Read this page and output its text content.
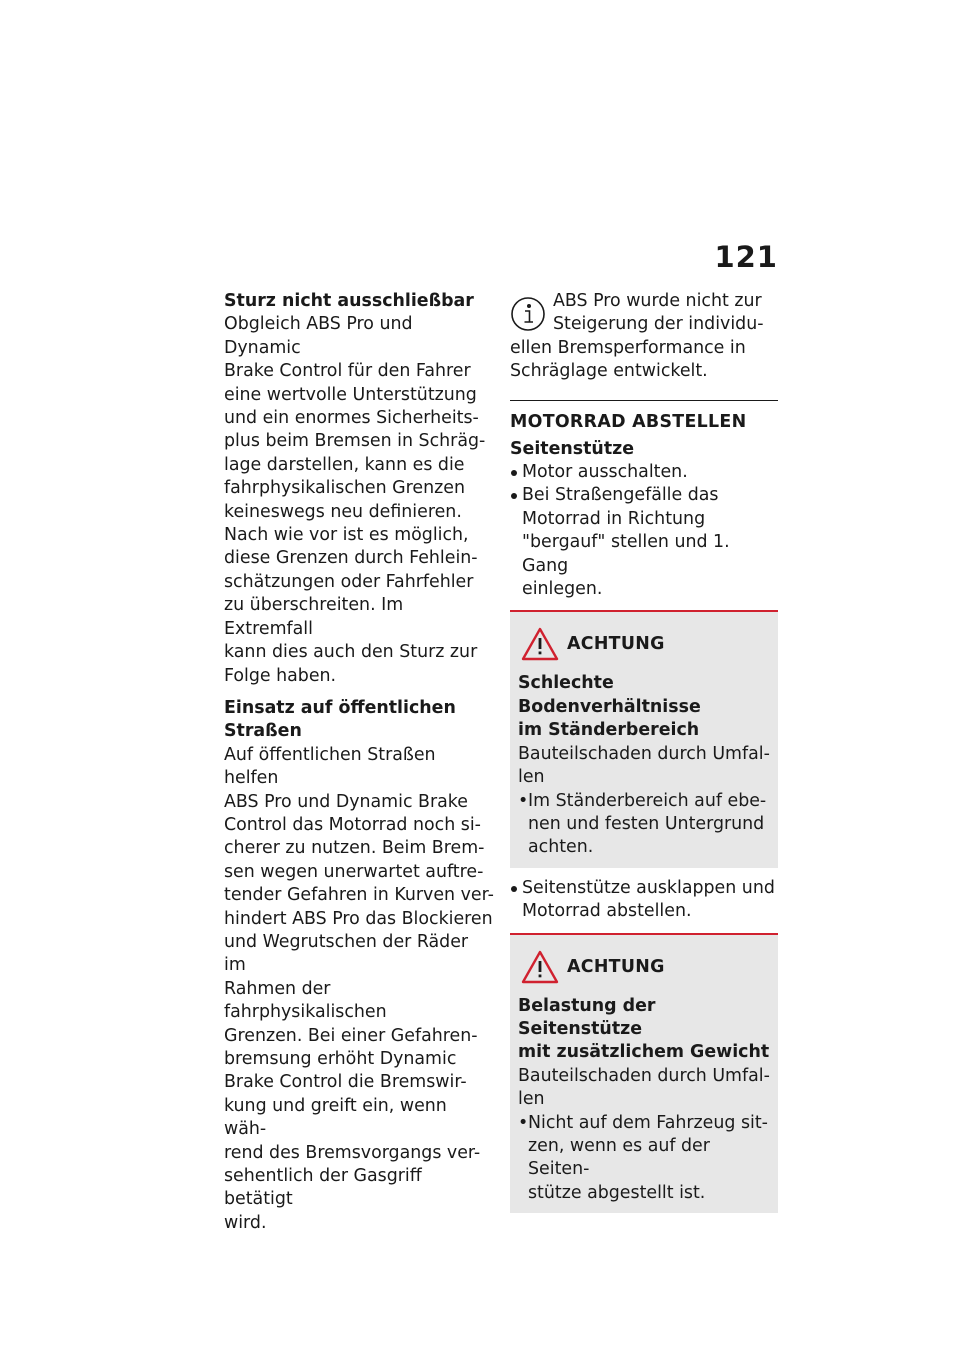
121

Sturz nicht ausschließbar

Obgleich ABS Pro und Dynamic

Brake Control für den Fahrer

eine wertvolle Unterstützung

und ein enormes Sicherheits-

plus beim Bremsen in Schräg-

lage darstellen, kann es die

fahrphysikalischen Grenzen

keineswegs neu definieren.

Nach wie vor ist es möglich,

diese Grenzen durch Fehlein-

schätzungen oder Fahrfehler

zu überschreiten. Im Extremfall

kann dies auch den Sturz zur

Folge haben.

Einsatz auf öffentlichen

Straßen

Auf öffentlichen Straßen helfen

ABS Pro und Dynamic Brake

Control das Motorrad noch si-

cherer zu nutzen. Beim Brem-

sen wegen unerwartet auftre-

tender Gefahren in Kurven ver-

hindert ABS Pro das Blockieren

und Wegrutschen der Räder im

Rahmen der fahrphysikalischen

Grenzen. Bei einer Gefahren-

bremsung erhöht Dynamic

Brake Control die Bremswir-

kung und greift ein, wenn wäh-

rend des Bremsvorgangs ver-

sehentlich der Gasgriff betätigt

wird.

ABS Pro wurde nicht zur

Steigerung der individu-

ellen Bremsperformance in

Schräglage entwickelt.

MOTORRAD ABSTELLEN

Seitenstütze

Motor ausschalten.

Bei Straßengefälle das

Motorrad in Richtung

"bergauf" stellen und 1. Gang

einlegen.

ACHTUNG

Schlechte Bodenverhältnisse

im Ständerbereich

Bauteilschaden durch Umfal-

len

• Im Ständerbereich auf ebe-

nen und festen Untergrund

achten.

Seitenstütze ausklappen und

Motorrad abstellen.

ACHTUNG

Belastung der Seitenstütze

mit zusätzlichem Gewicht

Bauteilschaden durch Umfal-

len

• Nicht auf dem Fahrzeug sit-

zen, wenn es auf der Seiten-

stütze abgestellt ist.
